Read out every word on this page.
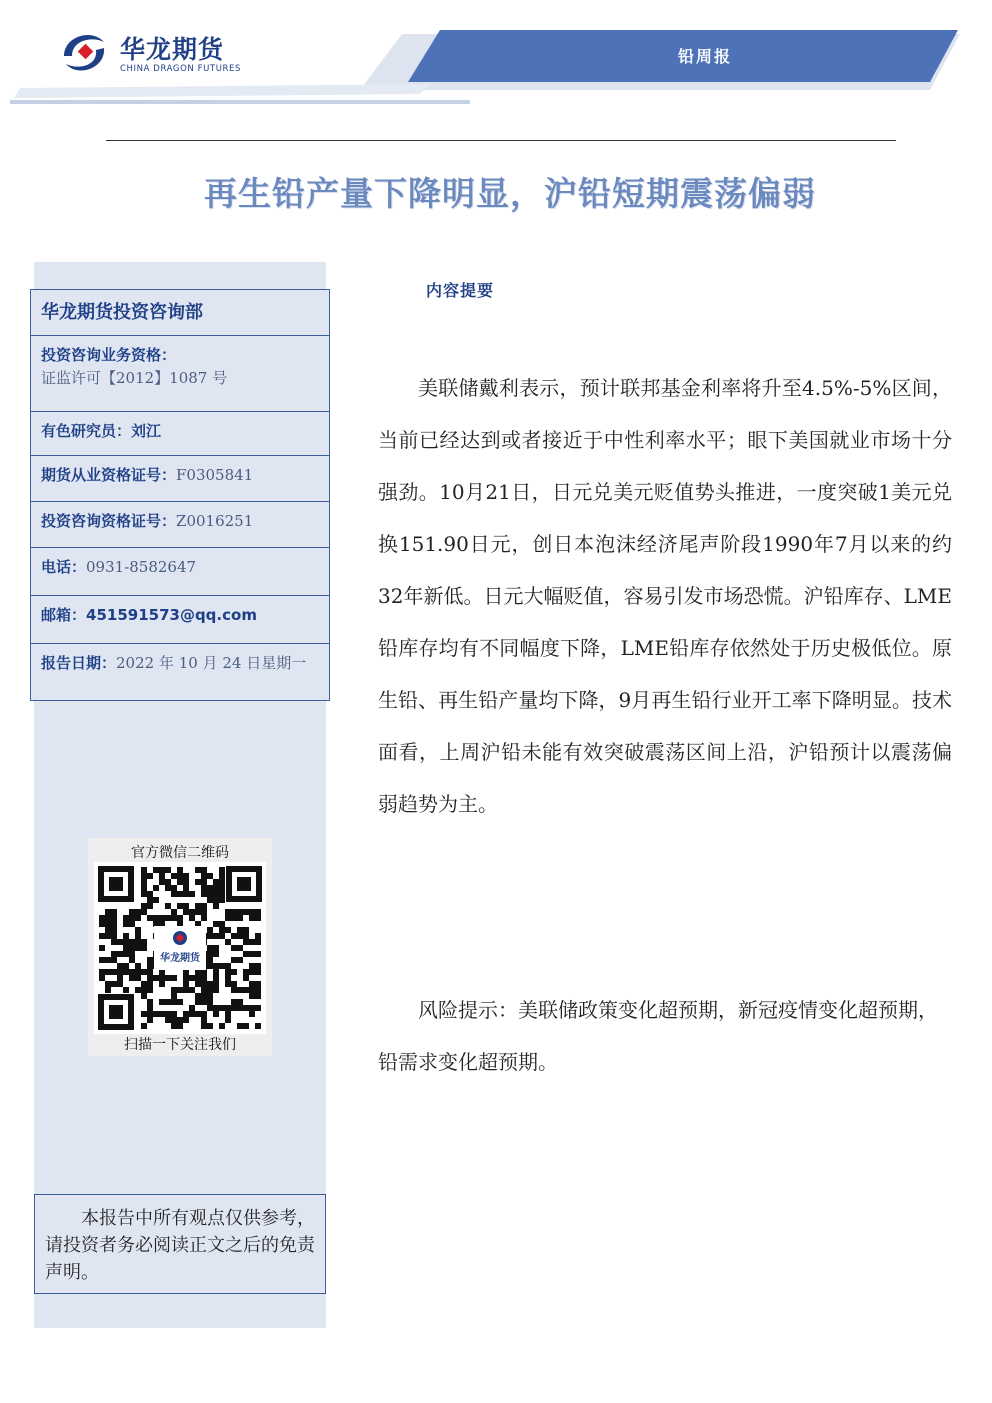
铅周报
华龙期货
CHINA DRAGON FUTURES
再生铅产量下降明显，沪铅短期震荡偏弱
华龙期货投资咨询部
投资咨询业务资格：
证监许可【2012】1087 号
有色研究员：刘江
期货从业资格证号：F0305841
投资咨询资格证号：Z0016251
电话：0931-8582647
邮箱：451591573@qq.com
报告日期：2022 年 10 月 24 日星期一
官方微信二维码
华龙期货
扫描一下关注我们
本报告中所有观点仅供参考，请投资者务必阅读正文之后的免责声明。
内容提要
美联储戴利表示，预计联邦基金利率将升至4.5%-5%区间，当前已经达到或者接近于中性利率水平；眼下美国就业市场十分强劲。10月21日，日元兑美元贬值势头推进，一度突破1美元兑换151.90日元，创日本泡沫经济尾声阶段1990年7月以来的约32年新低。日元大幅贬值，容易引发市场恐慌。沪铅库存、LME铅库存均有不同幅度下降，LME铅库存依然处于历史极低位。原生铅、再生铅产量均下降，9月再生铅行业开工率下降明显。技术面看，上周沪铅未能有效突破震荡区间上沿，沪铅预计以震荡偏弱趋势为主。
风险提示：美联储政策变化超预期，新冠疫情变化超预期，铅需求变化超预期。
